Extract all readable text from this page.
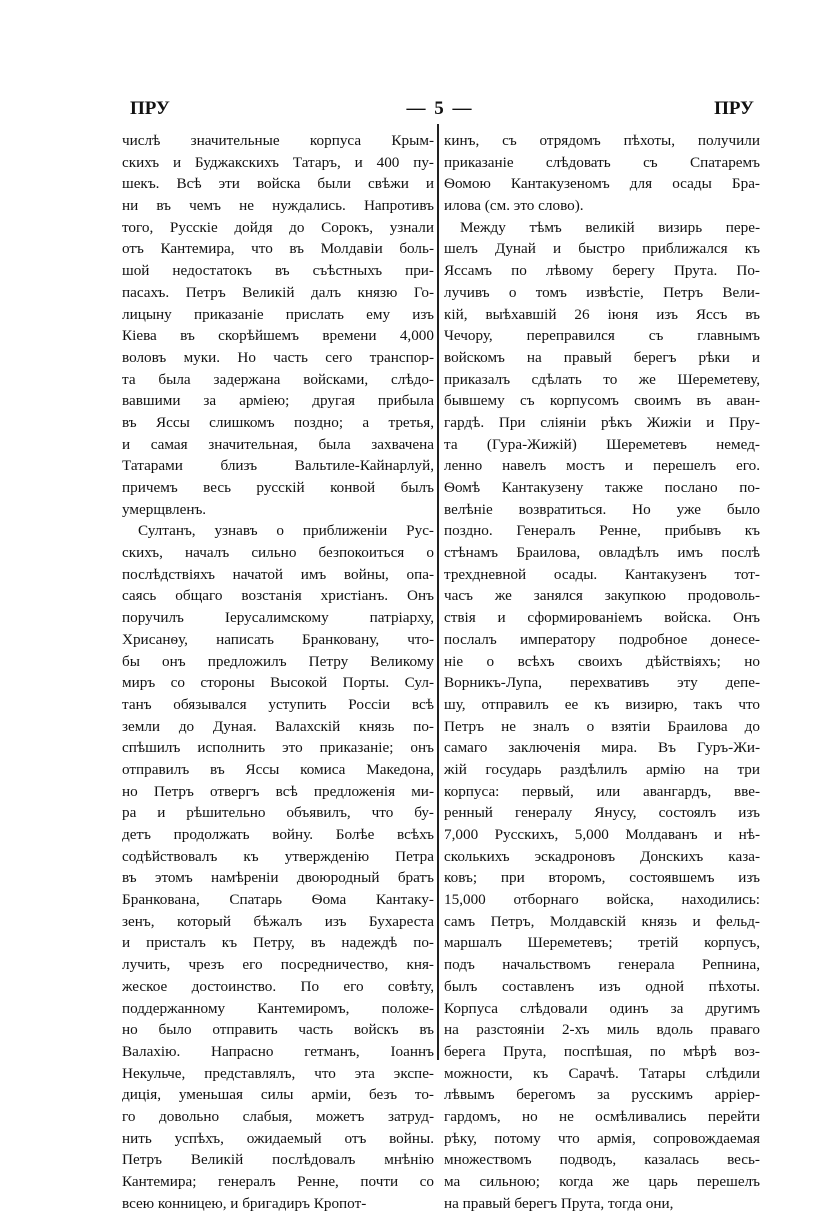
ПРУ	— 5 —	ПРУ
числѣ значительные корпуса Крым-
скихъ и Буджакскихъ Татаръ, и 400 пу-
шекъ. Всѣ эти войска были свѣжи и
ни въ чемъ не нуждались. Напротивъ
того, Русскіе дойдя до Сорокъ, узнали
отъ Кантемира, что въ Молдавіи боль-
шой недостатокъ въ съѣстныхъ при-
пасахъ. Петръ Великій далъ князю Го-
лицыну приказаніе прислать ему изъ
Кіева въ скорѣйшемъ времени 4,000
воловъ муки. Но часть сего транспор-
та была задержана войсками, слѣдо-
вавшими за арміею; другая прибыла
въ Яссы слишкомъ поздно; а третья,
и самая значительная, была захвачена
Татарами близъ Вальтиле-Кайнарлуй,
причемъ весь русскій конвой былъ
умерщвленъ.
Султанъ, узнавъ о приближеніи Рус-
скихъ, началъ сильно безпокоиться о
послѣдствіяхъ начатой имъ войны, опа-
саясь общаго возстанія христіанъ. Онъ
поручилъ Іерусалимскому патріарху,
Хрисанѳу, написать Бранковану, что-
бы онъ предложилъ Петру Великому
миръ со стороны Высокой Порты. Сул-
танъ обязывался уступить Россіи всѣ
земли до Дуная. Валахскій князь по-
спѣшилъ исполнить это приказаніе; онъ
отправилъ въ Яссы комиса Македона,
но Петръ отвергъ всѣ предложенія ми-
ра и рѣшительно объявилъ, что бу-
детъ продолжать войну. Болѣе всѣхъ
содѣйствовалъ къ утвержденію Петра
въ этомъ намѣреніи двоюродный братъ
Бранкована, Спатарь Ѳома Кантаку-
зенъ, который бѣжалъ изъ Бухареста
и присталъ къ Петру, въ надеждѣ по-
лучить, чрезъ его посредничество, кня-
жеское достоинство. По его совѣту,
поддержанному Кантемиромъ, положе-
но было отправить часть войскъ въ
Валахію. Напрасно гетманъ, Іоаннъ
Некульче, представлялъ, что эта экспе-
диція, уменьшая силы арміи, безъ то-
го довольно слабыя, можетъ затруд-
нить успѣхъ, ожидаемый отъ войны.
Петръ Великій послѣдовалъ мнѣнію
Кантемира; генералъ Ренне, почти со
всею конницею, и бригадиръ Кропот-
кинъ, съ отрядомъ пѣхоты, получили
приказаніе слѣдовать съ Спатаремъ
Ѳомою Кантакузеномъ для осады Бра-
илова (см. это слово).
Между тѣмъ великій визирь пере-
шелъ Дунай и быстро приближался къ
Яссамъ по лѣвому берегу Прута. По-
лучивъ о томъ извѣстіе, Петръ Вели-
кій, выѣхавшій 26 іюня изъ Яссъ въ
Чечору, переправился съ главнымъ
войскомъ на правый берегъ рѣки и
приказалъ сдѣлать то же Шереметеву,
бывшему съ корпусомъ своимъ въ аван-
гардѣ. При сліяніи рѣкъ Жижіи и Пру-
та (Гура-Жижій) Шереметевъ немед-
ленно навелъ мостъ и перешелъ его.
Ѳомѣ Кантакузену также послано по-
велѣніе возвратиться. Но уже было
поздно. Генералъ Ренне, прибывъ къ
стѣнамъ Браилова, овладѣлъ имъ послѣ
трехдневной осады. Кантакузенъ тот-
часъ же занялся закупкою продоволь-
ствія и сформированіемъ войска. Онъ
послалъ императору подробное донесе-
ніе о всѣхъ своихъ дѣйствіяхъ; но
Ворникъ-Лупа, перехвативъ эту депе-
шу, отправилъ ее къ визирю, такъ что
Петръ не зналъ о взятіи Браилова до
самаго заключенія мира. Въ Гуръ-Жи-
жій государь раздѣлилъ армію на три
корпуса: первый, или авангардъ, вве-
ренный генералу Янусу, состоялъ изъ
7,000 Русскихъ, 5,000 Молдаванъ и нѣ-
сколькихъ эскадроновъ Донскихъ каза-
ковъ; при второмъ, состоявшемъ изъ
15,000 отборнаго войска, находились:
самъ Петръ, Молдавскій князь и фельд-
маршалъ Шереметевъ; третій корпусъ,
подъ начальствомъ генерала Репнина,
былъ составленъ изъ одной пѣхоты.
Корпуса слѣдовали одинъ за другимъ
на разстояніи 2-хъ миль вдоль праваго
берега Прута, поспѣшая, по мѣрѣ воз-
можности, къ Сарачѣ. Татары слѣдили
лѣвымъ берегомъ за русскимъ арріер-
гардомъ, но не осмѣливались перейти
рѣку, потому что армія, сопровождаемая
множествомъ подводъ, казалась весь-
ма сильною; когда же царь перешелъ
на правый берегъ Прута, тогда они,
